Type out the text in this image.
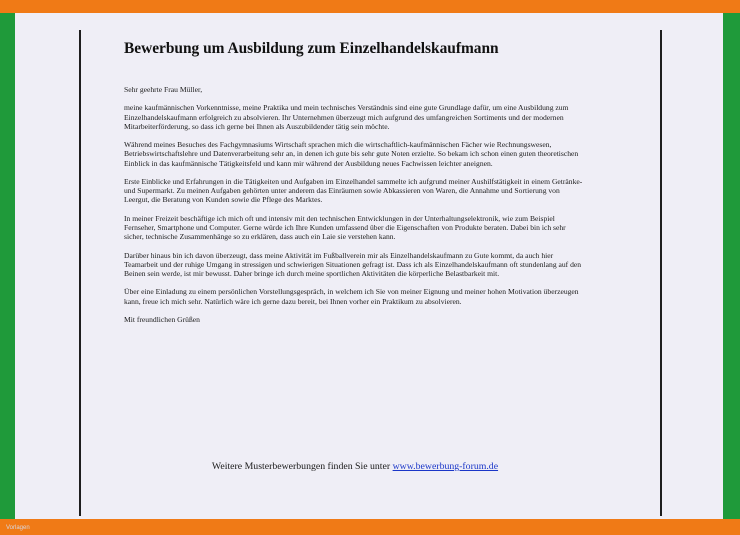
Bewerbung um Ausbildung zum Einzelhandelskaufmann

Sehr geehrte Frau Müller,

meine kaufmännischen Vorkenntnisse, meine Praktika und mein technisches Verständnis sind eine gute Grundlage dafür, um eine Ausbildung zum Einzelhandelskaufmann erfolgreich zu absolvieren. Ihr Unternehmen überzeugt mich aufgrund des umfangreichen Sortiments und der modernen Mitarbeiterförderung, so dass ich gerne bei Ihnen als Auszubildender tätig sein möchte.

Während meines Besuches des Fachgymnasiums Wirtschaft sprachen mich die wirtschaftlich-kaufmännischen Fächer wie Rechnungswesen, Betriebswirtschaftslehre und Datenverarbeitung sehr an, in denen ich gute bis sehr gute Noten erzielte. So bekam ich schon einen guten theoretischen Einblick in das kaufmännische Tätigkeitsfeld und kann mir während der Ausbildung neues Fachwissen leichter aneignen.

Erste Einblicke und Erfahrungen in die Tätigkeiten und Aufgaben im Einzelhandel sammelte ich aufgrund meiner Aushilfstätigkeit in einem Getränke- und Supermarkt. Zu meinen Aufgaben gehörten unter anderem das Einräumen sowie Abkassieren von Waren, die Annahme und Sortierung von Leergut, die Beratung von Kunden sowie die Pflege des Marktes.

In meiner Freizeit beschäftige ich mich oft und intensiv mit den technischen Entwicklungen in der Unterhaltungselektronik, wie zum Beispiel Fernseher, Smartphone und Computer. Gerne würde ich Ihre Kunden umfassend über die Eigenschaften von Produkte beraten. Dabei bin ich sehr sicher, technische Zusammenhänge so zu erklären, dass auch ein Laie sie verstehen kann.

Darüber hinaus bin ich davon überzeugt, dass meine Aktivität im Fußballverein mir als Einzelhandelskaufmann zu Gute kommt, da auch hier Teamarbeit und der ruhige Umgang in stressigen und schwierigen Situationen gefragt ist. Dass ich als Einzelhandelskaufmann oft stundenlang auf den Beinen sein werde, ist mir bewusst. Daher bringe ich durch meine sportlichen Aktivitäten die körperliche Belastbarkeit mit.

Über eine Einladung zu einem persönlichen Vorstellungsgespräch, in welchem ich Sie von meiner Eignung und meiner hohen Motivation überzeugen kann, freue ich mich sehr. Natürlich wäre ich gerne dazu bereit, bei Ihnen vorher ein Praktikum zu absolvieren.

Mit freundlichen Grüßen

Weitere Musterbewerbungen finden Sie unter www.bewerbung-forum.de
Vorlagen
